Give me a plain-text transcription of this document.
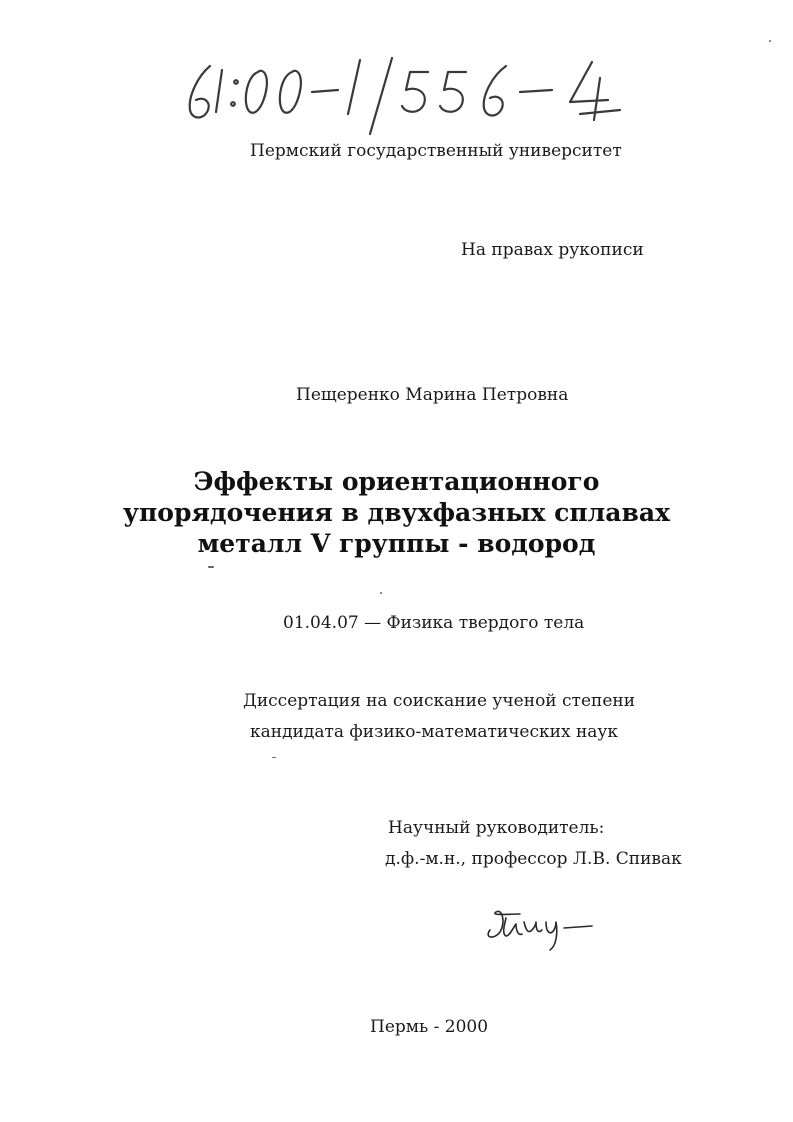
Пермский государственный университет
На правах рукописи
Пещеренко Марина Петровна
Эффекты ориентационного
упорядочения в двухфазных сплавах
металл V группы - водород
01.04.07 — Физика твердого тела
Диссертация на соискание ученой степени
кандидата физико-математических наук
Научный руководитель:
д.ф.-м.н., профессор Л.В. Спивак
Пермь - 2000
